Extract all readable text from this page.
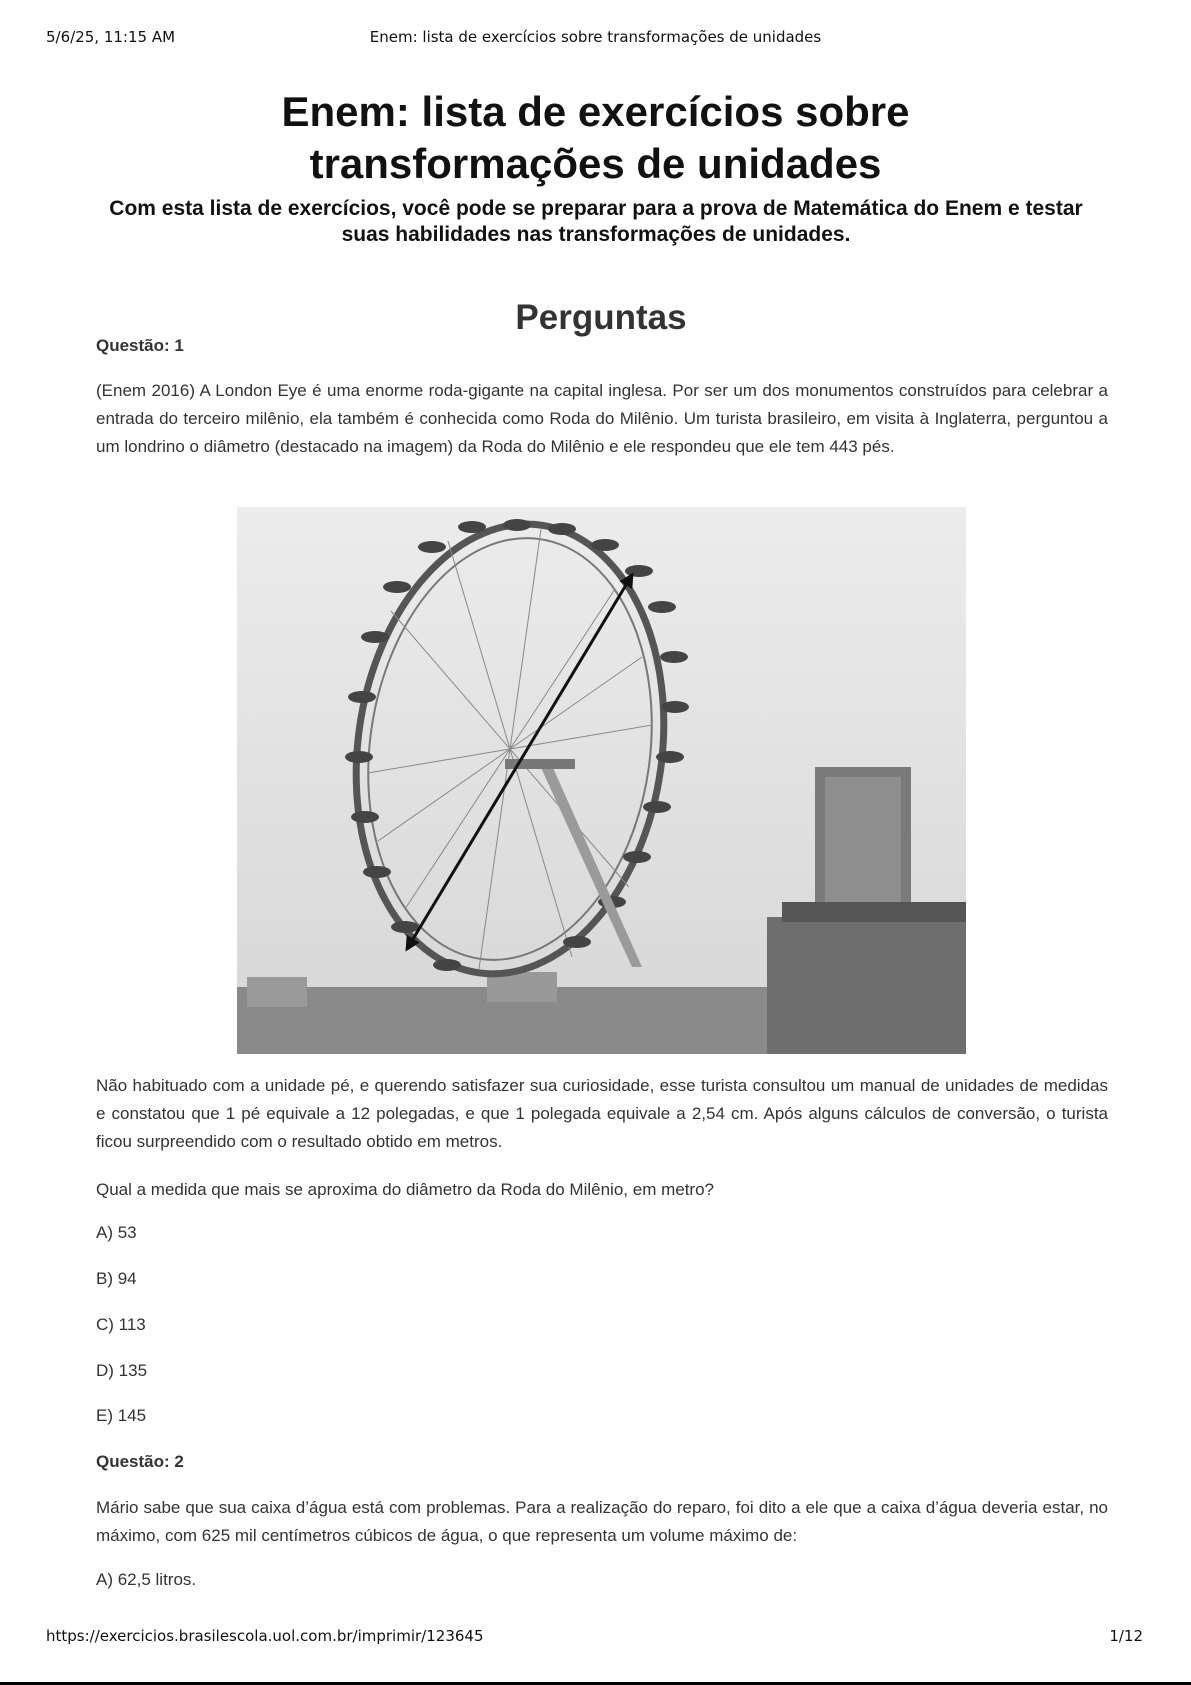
5/6/25, 11:15 AM	Enem: lista de exercícios sobre transformações de unidades
Enem: lista de exercícios sobre transformações de unidades

Com esta lista de exercícios, você pode se preparar para a prova de Matemática do Enem e testar suas habilidades nas transformações de unidades.

Perguntas

Questão: 1

(Enem 2016) A London Eye é uma enorme roda-gigante na capital inglesa. Por ser um dos monumentos construídos para celebrar a entrada do terceiro milênio, ela também é conhecida como Roda do Milênio. Um turista brasileiro, em visita à Inglaterra, perguntou a um londrino o diâmetro (destacado na imagem) da Roda do Milênio e ele respondeu que ele tem 443 pés.

Não habituado com a unidade pé, e querendo satisfazer sua curiosidade, esse turista consultou um manual de unidades de medidas e constatou que 1 pé equivale a 12 polegadas, e que 1 polegada equivale a 2,54 cm. Após alguns cálculos de conversão, o turista ficou surpreendido com o resultado obtido em metros.

Qual a medida que mais se aproxima do diâmetro da Roda do Milênio, em metro?

A) 53

B) 94

C) 113

D) 135

E) 145

Questão: 2

Mário sabe que sua caixa d’água está com problemas. Para a realização do reparo, foi dito a ele que a caixa d’água deveria estar, no máximo, com 625 mil centímetros cúbicos de água, o que representa um volume máximo de:

A) 62,5 litros.

https://exercicios.brasilescola.uol.com.br/imprimir/123645	1/12
